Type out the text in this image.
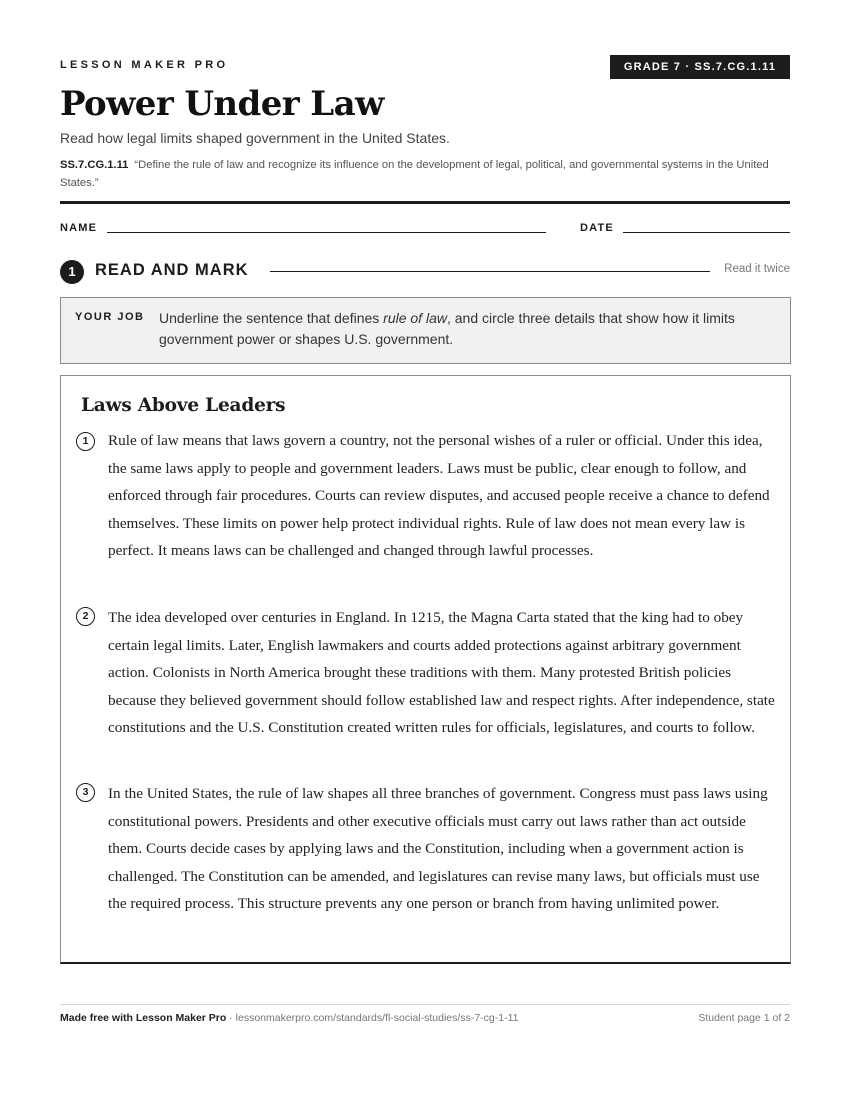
LESSON MAKER PRO	GRADE 7 · SS.7.CG.1.11
Power Under Law
Read how legal limits shaped government in the United States.
SS.7.CG.1.11 “Define the rule of law and recognize its influence on the development of legal, political, and governmental systems in the United States.”
NAME	DATE
1	READ AND MARK	Read it twice
YOUR JOB Underline the sentence that defines rule of law, and circle three details that show how it limits government power or shapes U.S. government.
Laws Above Leaders
1	Rule of law means that laws govern a country, not the personal wishes of a ruler or official. Under this idea, the same laws apply to people and government leaders. Laws must be public, clear enough to follow, and enforced through fair procedures. Courts can review disputes, and accused people receive a chance to defend themselves. These limits on power help protect individual rights. Rule of law does not mean every law is perfect. It means laws can be challenged and changed through lawful processes.

2	The idea developed over centuries in England. In 1215, the Magna Carta stated that the king had to obey certain legal limits. Later, English lawmakers and courts added protections against arbitrary government action. Colonists in North America brought these traditions with them. Many protested British policies because they believed government should follow established law and respect rights. After independence, state constitutions and the U.S. Constitution created written rules for officials, legislatures, and courts to follow.

3	In the United States, the rule of law shapes all three branches of government. Congress must pass laws using constitutional powers. Presidents and other executive officials must carry out laws rather than act outside them. Courts decide cases by applying laws and the Constitution, including when a government action is challenged. The Constitution can be amended, and legislatures can revise many laws, but officials must use the required process. This structure prevents any one person or branch from having unlimited power.

Made free with Lesson Maker Pro · lessonmakerpro.com/standards/fl-social-studies/ss-7-cg-1-11	Student page 1 of 2
